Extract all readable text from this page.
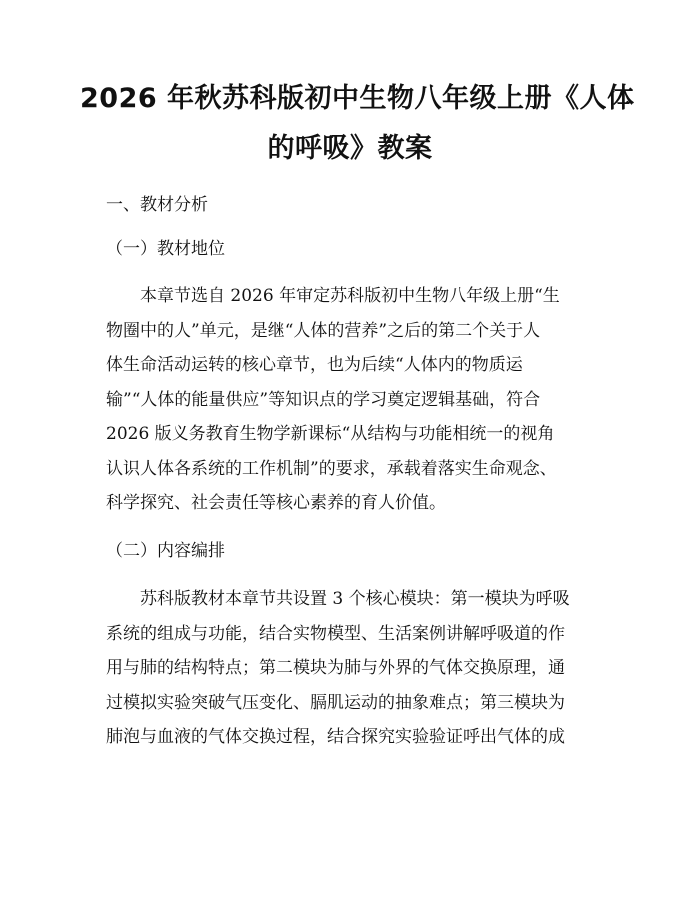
2026 年秋苏科版初中生物八年级上册《人体
的呼吸》教案
一、教材分析
（一）教材地位

本章节选自 2026 年审定苏科版初中生物八年级上册“生
物圈中的人”单元，是继“人体的营养”之后的第二个关于人
体生命活动运转的核心章节，也为后续“人体内的物质运
输”“人体的能量供应”等知识点的学习奠定逻辑基础，符合
2026 版义务教育生物学新课标“从结构与功能相统一的视角
认识人体各系统的工作机制”的要求，承载着落实生命观念、
科学探究、社会责任等核心素养的育人价值。

（二）内容编排

苏科版教材本章节共设置 3 个核心模块：第一模块为呼吸
系统的组成与功能，结合实物模型、生活案例讲解呼吸道的作
用与肺的结构特点；第二模块为肺与外界的气体交换原理，通
过模拟实验突破气压变化、膈肌运动的抽象难点；第三模块为
肺泡与血液的气体交换过程，结合探究实验验证呼出气体的成
